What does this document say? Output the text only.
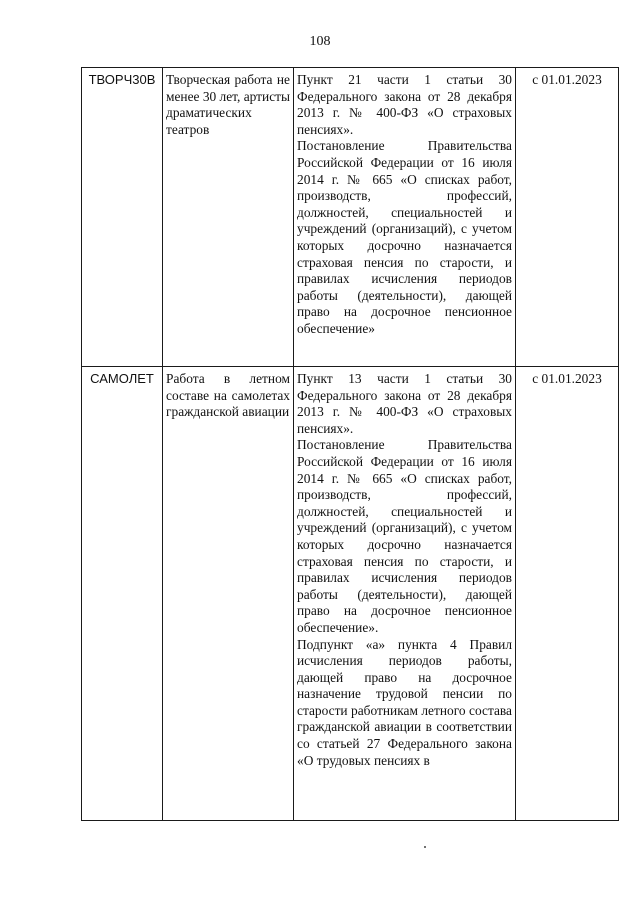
108
ТВОРЧ30В	Творческая работа не менее 30 лет, артисты драматических театров	Пункт 21 части 1 статьи 30 Федерального закона от 28 декабря 2013 г. № 400-ФЗ «О страховых пенсиях».

Постановление Правительства Российской Федерации от 16 июля 2014 г. № 665 «О списках работ, производств, профессий, должностей, специальностей и учреждений (организаций), с учетом которых досрочно назначается страховая пенсия по старости, и правилах исчисления периодов работы (деятельности), дающей право на досрочное пенсионное обеспечение»	с 01.01.2023
САМОЛЕТ	Работа в летном составе на самолетах гражданской авиации	Пункт 13 части 1 статьи 30 Федерального закона от 28 декабря 2013 г. № 400-ФЗ «О страховых пенсиях».

Постановление Правительства Российской Федерации от 16 июля 2014 г. № 665 «О списках работ, производств, профессий, должностей, специальностей и учреждений (организаций), с учетом которых досрочно назначается страховая пенсия по старости, и правилах исчисления периодов работы (деятельности), дающей право на досрочное пенсионное обеспечение».

Подпункт «а» пункта 4 Правил исчисления периодов работы, дающей право на досрочное назначение трудовой пенсии по старости работникам летного состава гражданской авиации в соответствии со статьей 27 Федерального закона «О трудовых пенсиях в	с 01.01.2023
